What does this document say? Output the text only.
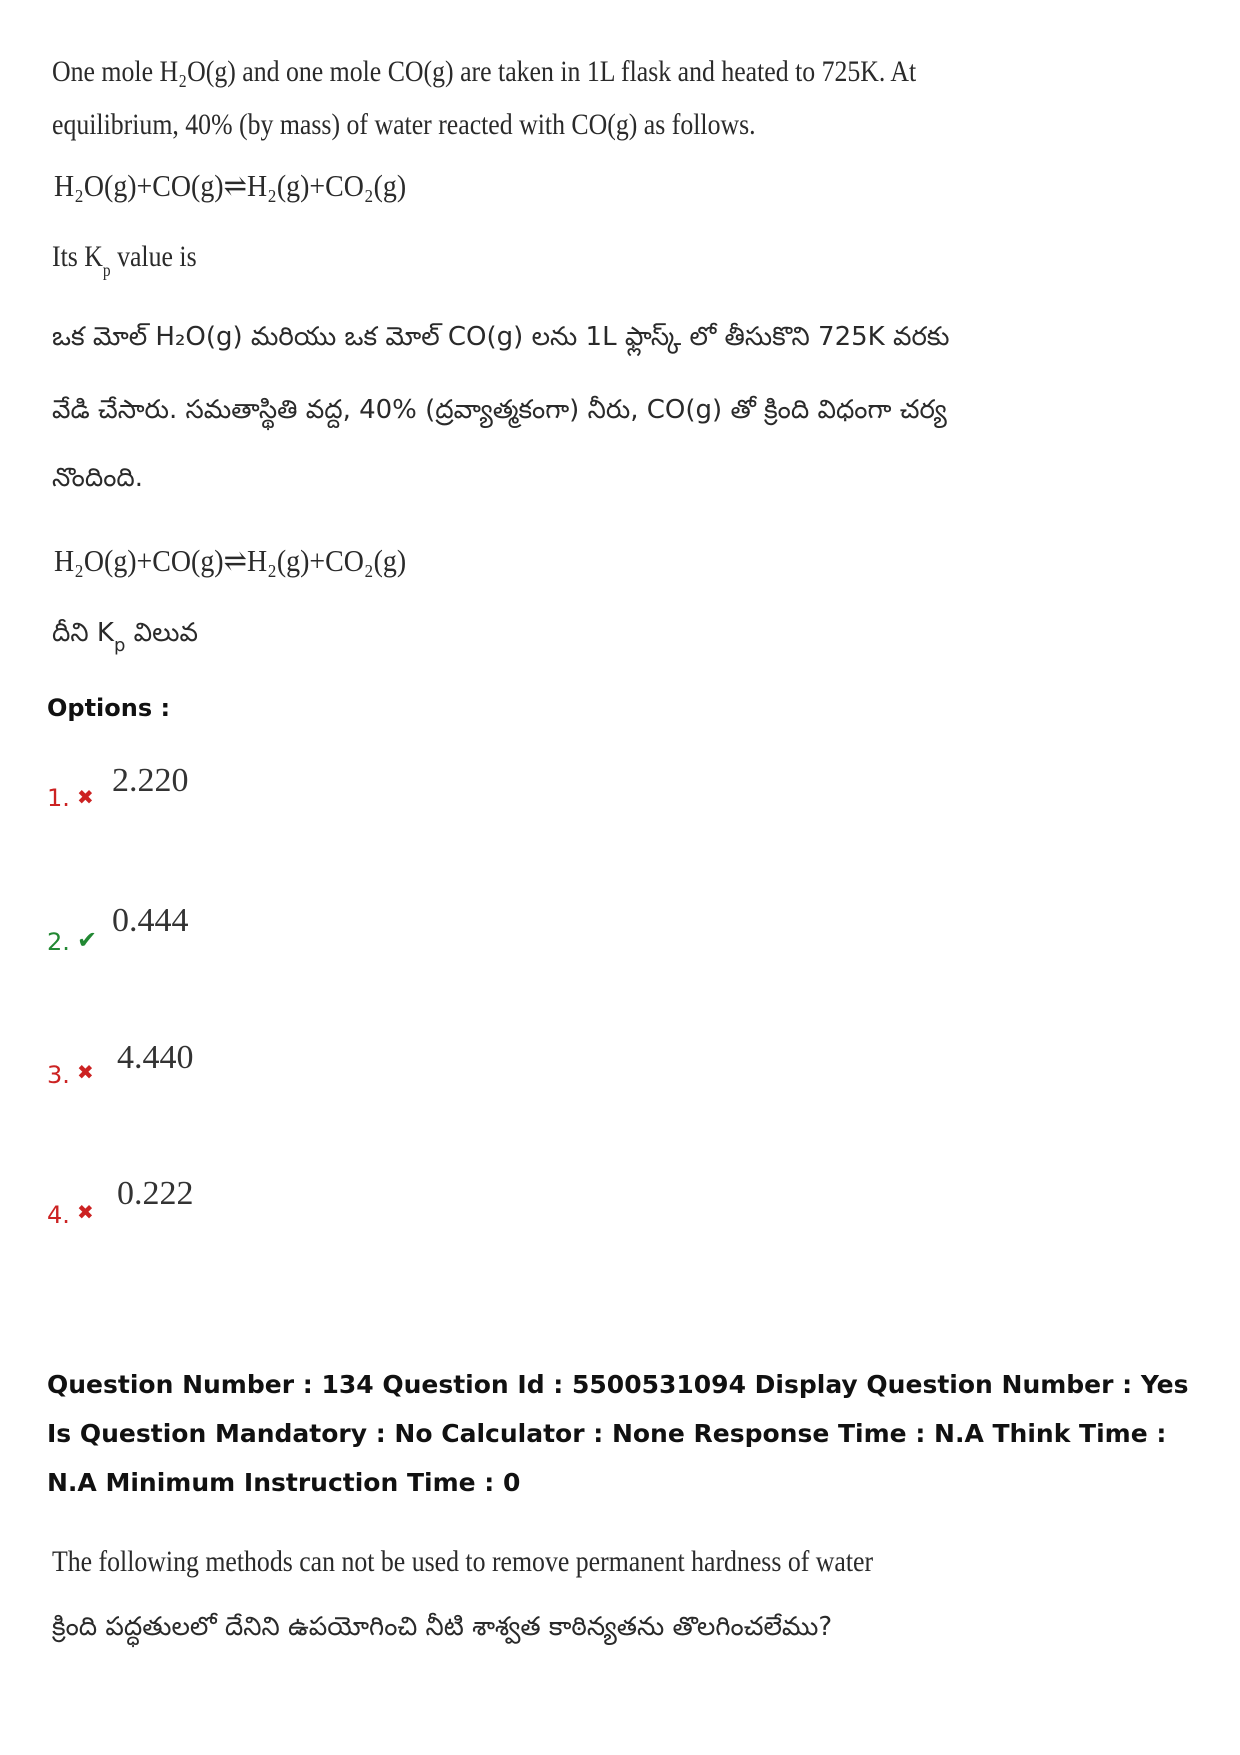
One mole H₂O(g) and one mole CO(g) are taken in 1L flask and heated to 725K. At
equilibrium, 40% (by mass) of water reacted with CO(g) as follows.
H₂O(g)+CO(g)⇌H₂(g)+CO₂(g)
Its $K_p$ value is
ఒక మోల్ H₂O(g) మరియు ఒక మోల్ CO(g) లను 1L ఫ్లాస్క్ లో తీసుకొని 725K వరకు
వేడి చేసారు. సమతాస్థితి వద్ద, 40% (ద్రవ్యాత్మకంగా) నీరు, CO(g) తో క్రింది విధంగా చర్య
నొందింది.
H₂O(g)+CO(g)⇌H₂(g)+CO₂(g)
దీని $K_p$ విలువ
Options :
1. ✖ 2.220
2. ✔
0.444
3. ✖ 4.440
4. ✖ 0.222
Question Number : 134 Question Id : 5500531094 Display Question Number : Yes Is Question Mandatory : No Calculator : None Response Time : N.A Think Time : N.A Minimum Instruction Time : 0
The following methods can not be used to remove permanent hardness of water
క్రింది పద్ధతులలో దేనిని ఉపయోగించి నీటి శాశ్వత కాఠిన్యతను తొలగించలేము?
